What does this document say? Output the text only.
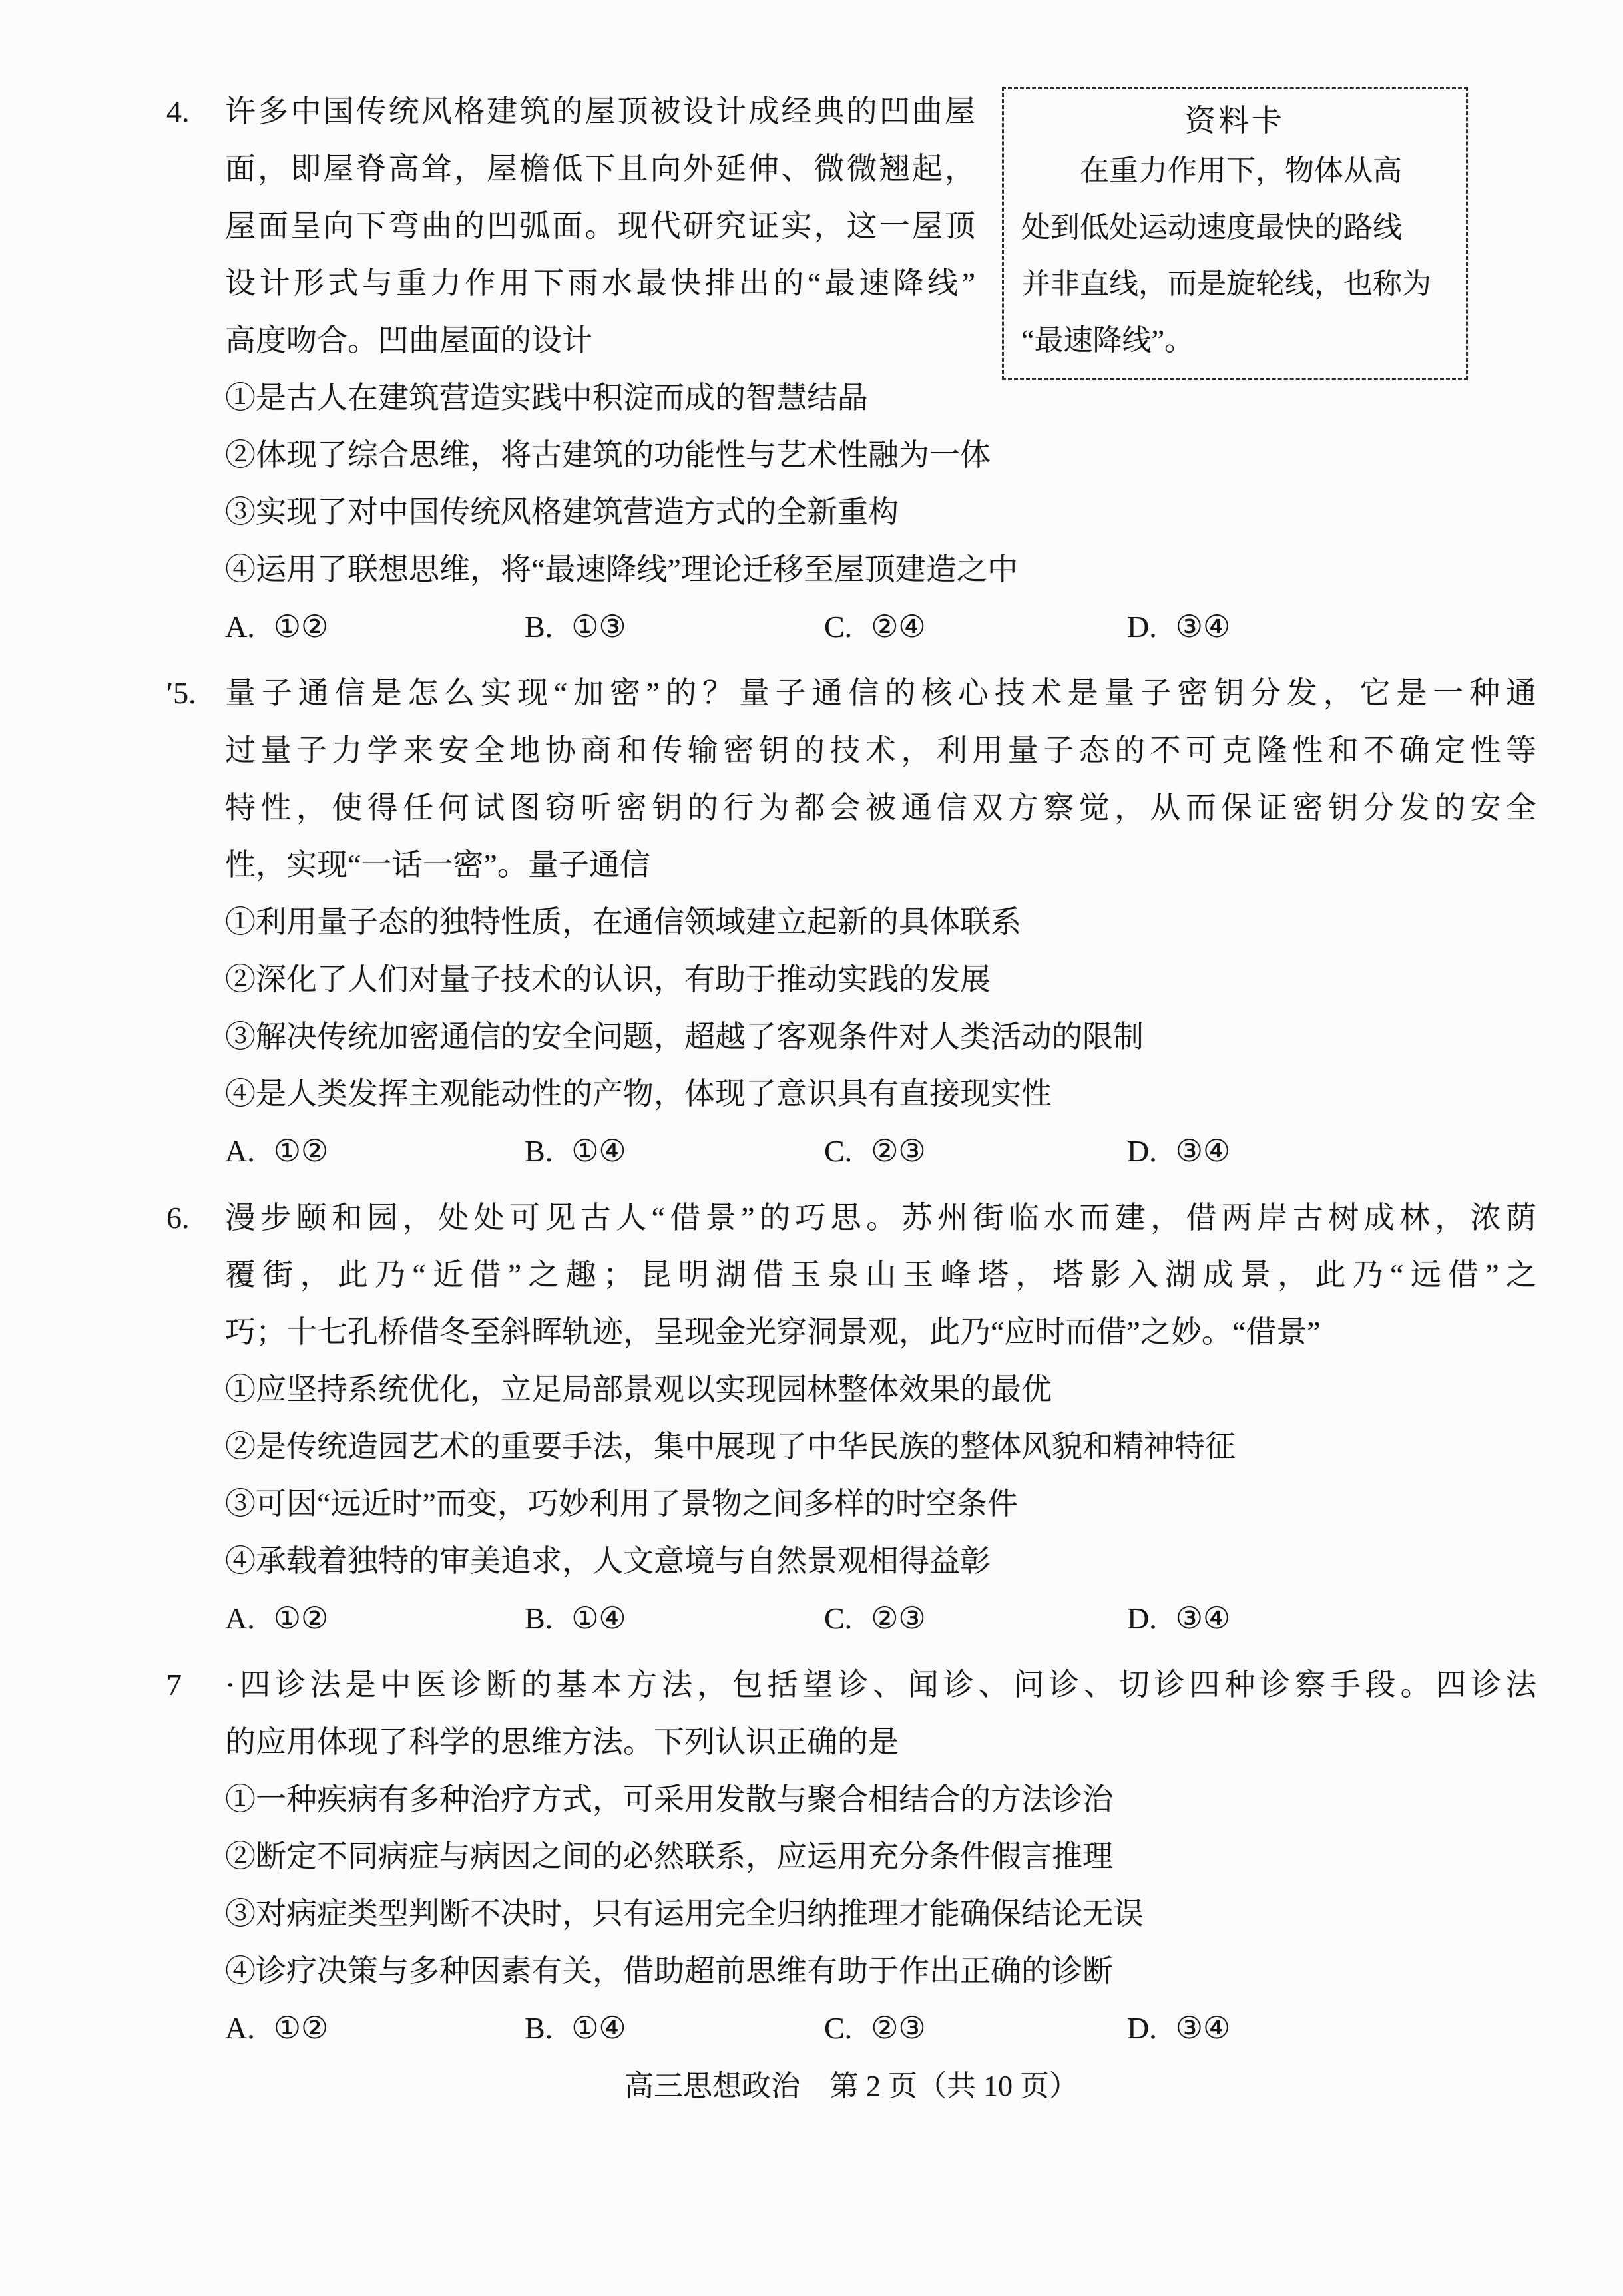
4.	资料卡
在重力作用下，物体从高
处到低处运动速度最快的路线
并非直线，而是旋轮线，也称为
“最速降线”。
许多中国传统风格建筑的屋顶被设计成经典的凹曲屋
面，即屋脊高耸，屋檐低下且向外延伸、微微翘起，
屋面呈向下弯曲的凹弧面。现代研究证实，这一屋顶
设计形式与重力作用下雨水最快排出的“最速降线”
高度吻合。凹曲屋面的设计
①是古人在建筑营造实践中积淀而成的智慧结晶
②体现了综合思维，将古建筑的功能性与艺术性融为一体
③实现了对中国传统风格建筑营造方式的全新重构
④运用了联想思维，将“最速降线”理论迁移至屋顶建造之中
A. ①②	B. ①③	C. ②④	D. ③④
′5. 量子通信是怎么实现“加密”的？量子通信的核心技术是量子密钥分发，它是一种通
过量子力学来安全地协商和传输密钥的技术，利用量子态的不可克隆性和不确定性等
特性，使得任何试图窃听密钥的行为都会被通信双方察觉，从而保证密钥分发的安全
性，实现“一话一密”。量子通信
①利用量子态的独特性质，在通信领域建立起新的具体联系
②深化了人们对量子技术的认识，有助于推动实践的发展
③解决传统加密通信的安全问题，超越了客观条件对人类活动的限制
④是人类发挥主观能动性的产物，体现了意识具有直接现实性
A. ①②	B. ①④	C. ②③	D. ③④
6.	漫步颐和园，处处可见古人“借景”的巧思。苏州街临水而建，借两岸古树成林，浓荫
覆街，此乃“近借”之趣；昆明湖借玉泉山玉峰塔，塔影入湖成景，此乃“远借”之
巧；十七孔桥借冬至斜晖轨迹，呈现金光穿洞景观，此乃“应时而借”之妙。“借景”
①应坚持系统优化，立足局部景观以实现园林整体效果的最优
②是传统造园艺术的重要手法，集中展现了中华民族的整体风貌和精神特征
③可因“远近时”而变，巧妙利用了景物之间多样的时空条件
④承载着独特的审美追求，人文意境与自然景观相得益彰
A. ①②	B. ①④	C. ②③	D. ③④
7	·四诊法是中医诊断的基本方法，包括望诊、闻诊、问诊、切诊四种诊察手段。四诊法
的应用体现了科学的思维方法。下列认识正确的是
①一种疾病有多种治疗方式，可采用发散与聚合相结合的方法诊治
②断定不同病症与病因之间的必然联系，应运用充分条件假言推理
③对病症类型判断不决时，只有运用完全归纳推理才能确保结论无误
④诊疗决策与多种因素有关，借助超前思维有助于作出正确的诊断
A. ①②	B. ①④	C. ②③	D. ③④
高三思想政治 第 2 页（共 10 页）
